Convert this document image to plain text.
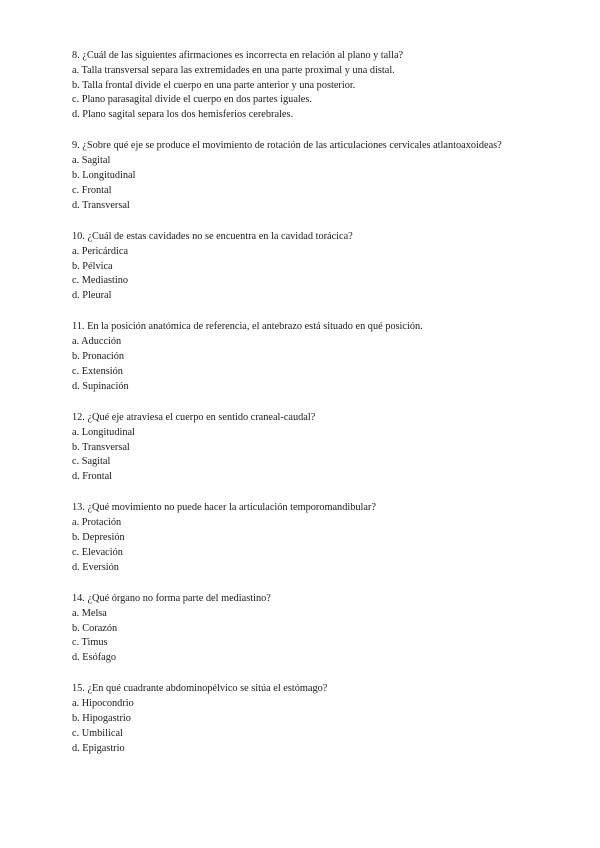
8. ¿Cuál de las siguientes afirmaciones es incorrecta en relación al plano y talla?

a. Talla transversal separa las extremidades en una parte proximal y una distal.

b. Talla frontal divide el cuerpo en una parte anterior y una posterior.

c. Plano parasagital divide el cuerpo en dos partes iguales.

d. Plano sagital separa los dos hemisferios cerebrales.

9. ¿Sobre qué eje se produce el movimiento de rotación de las articulaciones cervicales atlantoaxoideas?

a. Sagital

b. Longitudinal

c. Frontal

d. Transversal

10. ¿Cuál de estas cavidades no se encuentra en la cavidad torácica?

a. Pericárdica

b. Pélvica

c. Mediastino

d. Pleural

11. En la posición anatómica de referencia, el antebrazo está situado en qué posición.

a. Aducción

b. Pronación

c. Extensión

d. Supinación

12. ¿Qué eje atraviesa el cuerpo en sentido craneal-caudal?

a. Longitudinal

b. Transversal

c. Sagital

d. Frontal

13. ¿Qué movimiento no puede hacer la articulación temporomandibular?

a. Protación

b. Depresión

c. Elevación

d. Eversión

14. ¿Qué órgano no forma parte del mediastino?

a. Melsa

b. Corazón

c. Timus

d. Esófago

15. ¿En qué cuadrante abdominopélvico se sitúa el estómago?

a. Hipocondrio

b. Hipogastrio

c. Umbilical

d. Epigastrio
